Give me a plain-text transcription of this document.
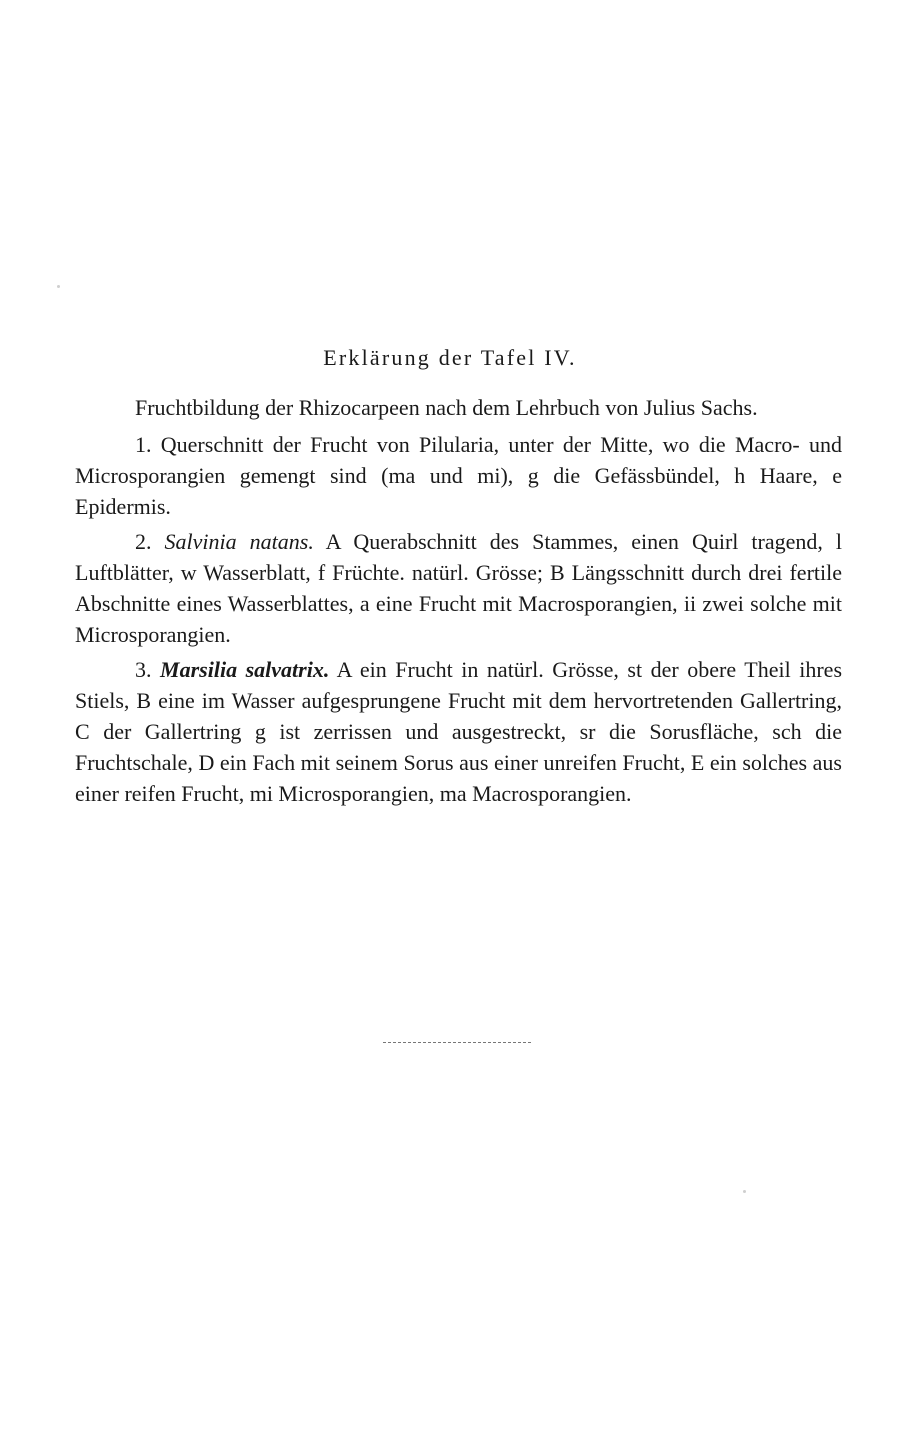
Erklärung der Tafel IV.

Fruchtbildung der Rhizocarpeen nach dem Lehrbuch von Julius Sachs.

1. Querschnitt der Frucht von Pilularia, unter der Mitte, wo die Macro- und Microsporangien gemengt sind (ma und mi), g die Gefässbündel, h Haare, e Epidermis.

2. Salvinia natans. A Querabschnitt des Stammes, einen Quirl tragend, l Luftblätter, w Wasserblatt, f Früchte. natürl. Grösse; B Längsschnitt durch drei fertile Abschnitte eines Wasserblattes, a eine Frucht mit Macrosporangien, ii zwei solche mit Microsporangien.

3. Marsilia salvatrix. A ein Frucht in natürl. Grösse, st der obere Theil ihres Stiels, B eine im Wasser aufgesprungene Frucht mit dem hervortretenden Gallertring, C der Gallertring g ist zerrissen und ausgestreckt, sr die Sorusfläche, sch die Fruchtschale, D ein Fach mit seinem Sorus aus einer unreifen Frucht, E ein solches aus einer reifen Frucht, mi Microsporangien, ma Macrosporangien.
